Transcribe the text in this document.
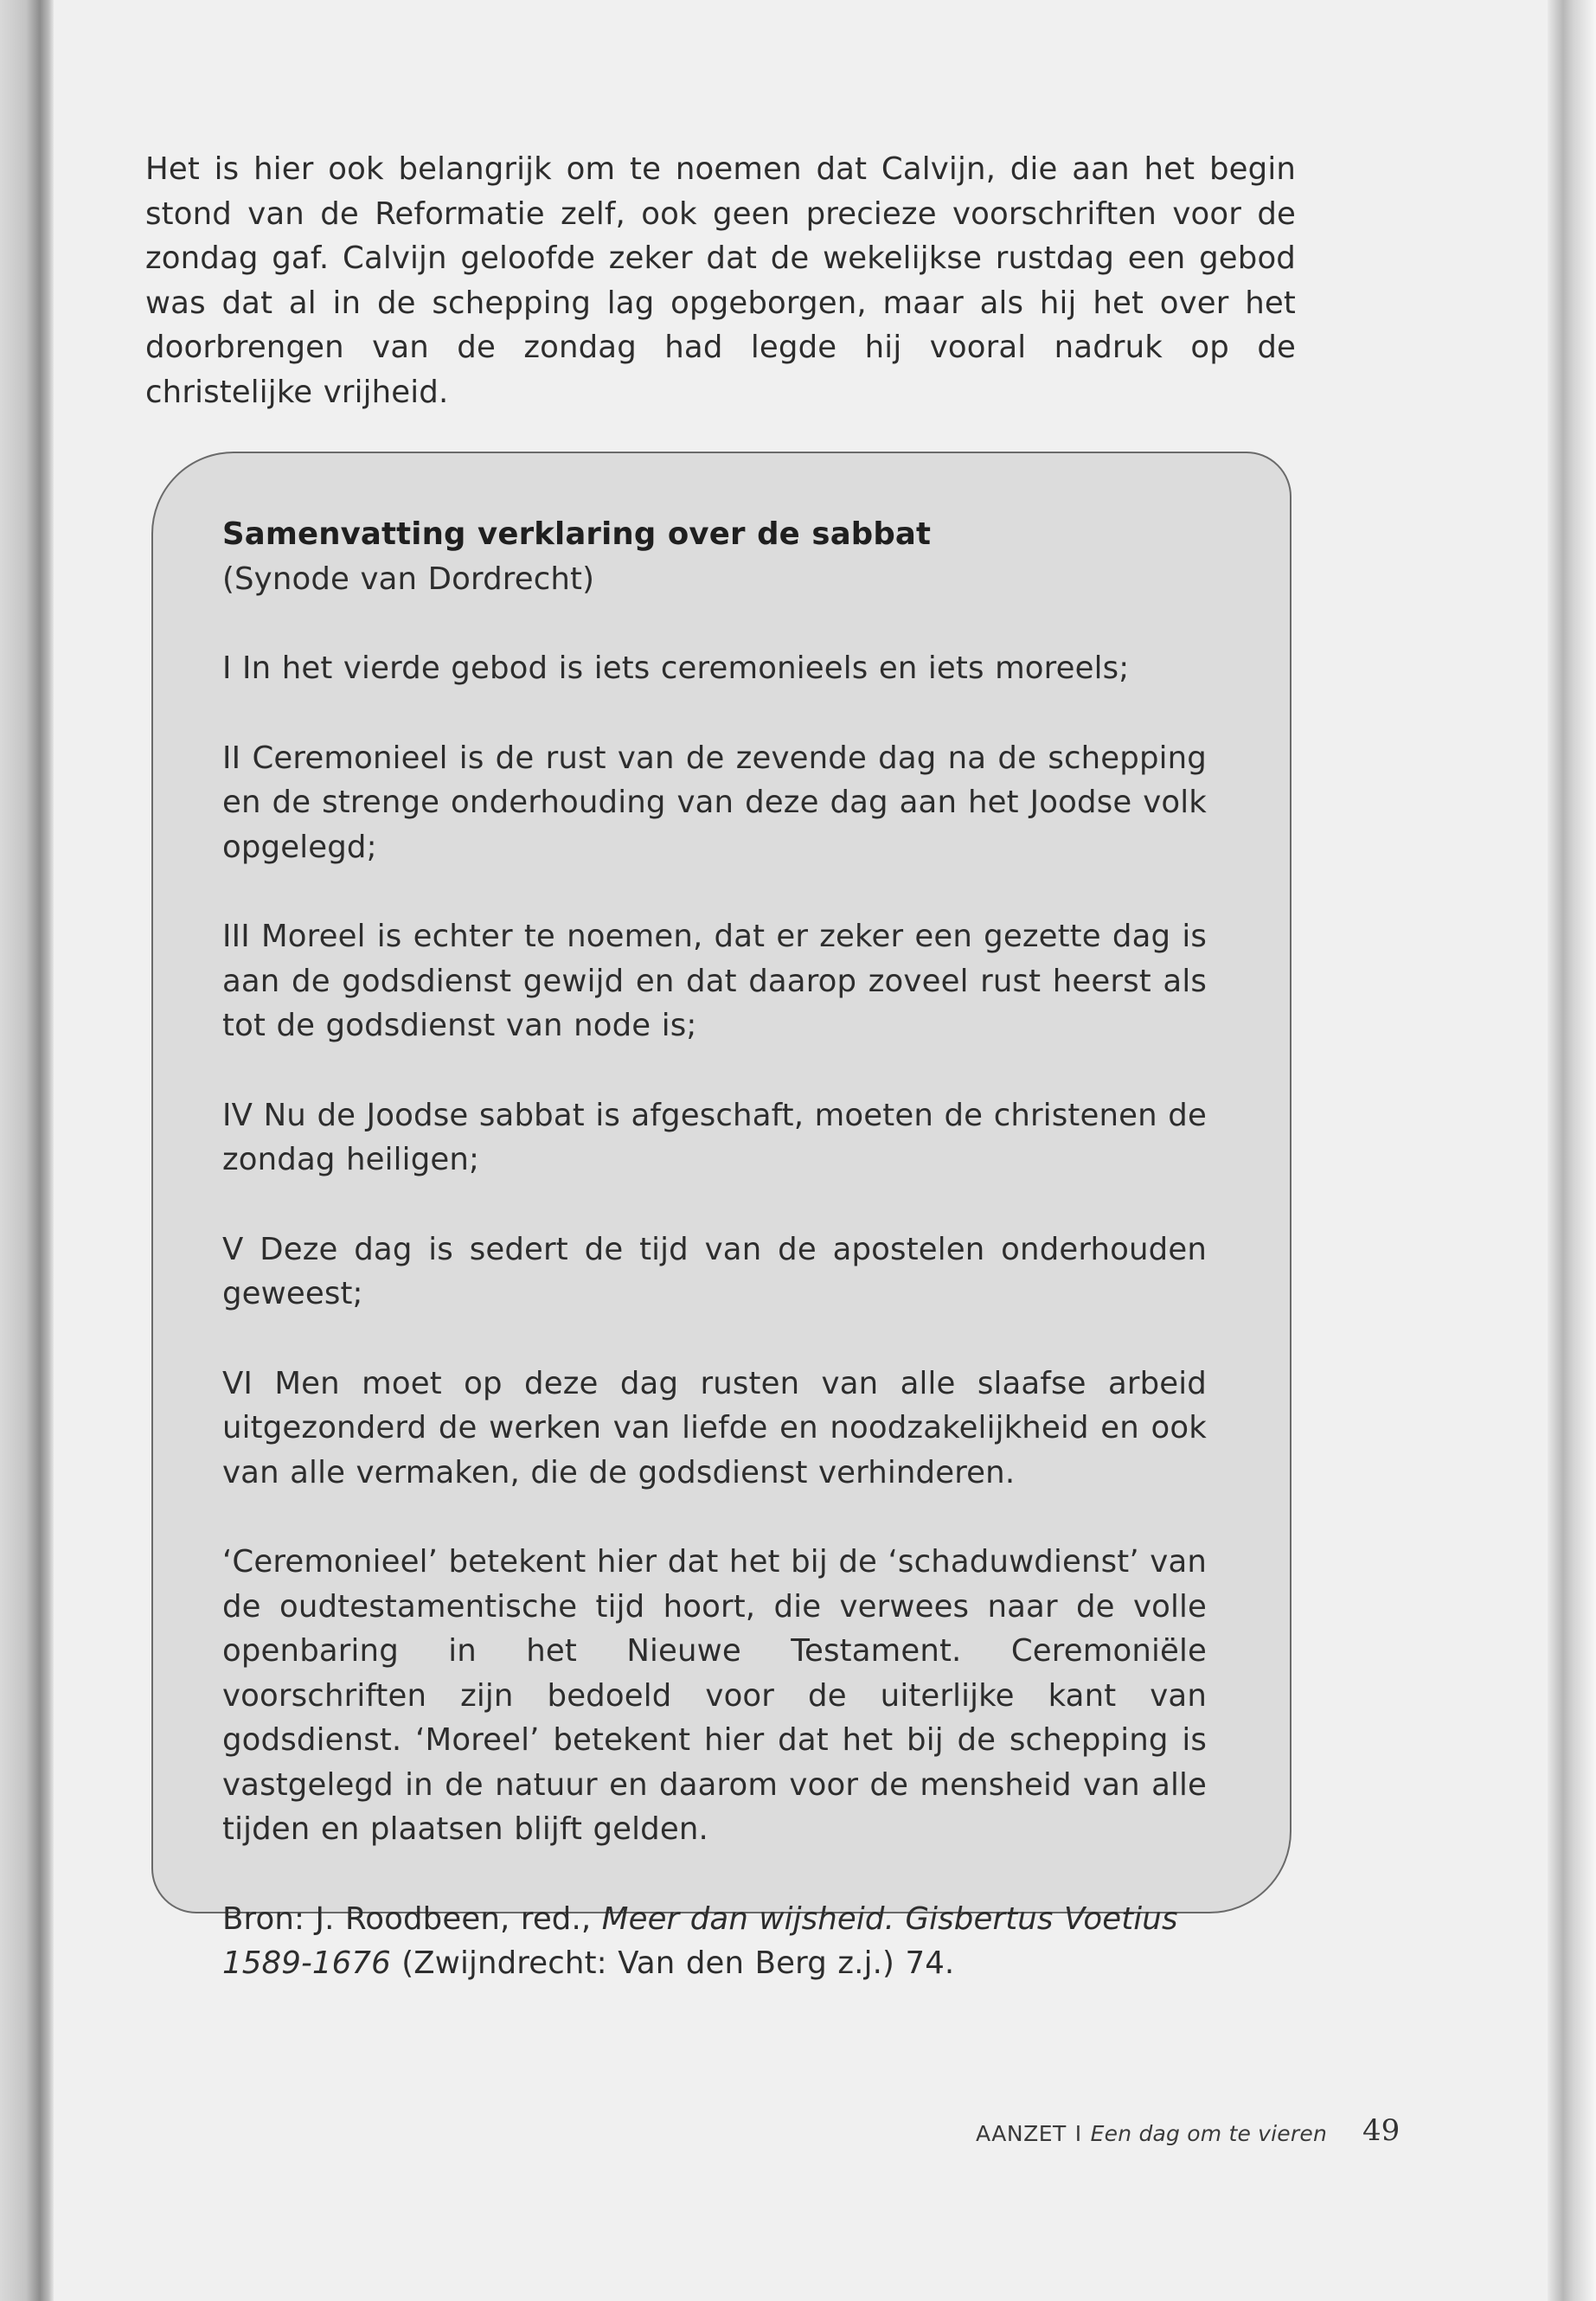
Het is hier ook belangrijk om te noemen dat Calvijn, die aan het begin stond van de Reformatie zelf, ook geen precieze voorschriften voor de zondag gaf. Calvijn geloofde zeker dat de wekelijkse rustdag een gebod was dat al in de schepping lag opgeborgen, maar als hij het over het doorbrengen van de zondag had legde hij vooral nadruk op de christelijke vrijheid.

Samenvatting verklaring over de sabbat
(Synode van Dordrecht)

I In het vierde gebod is iets ceremonieels en iets moreels;

II Ceremonieel is de rust van de zevende dag na de schepping en de strenge onderhouding van deze dag aan het Joodse volk opgelegd;

III Moreel is echter te noemen, dat er zeker een gezette dag is aan de godsdienst gewijd en dat daarop zoveel rust heerst als tot de godsdienst van node is;

IV Nu de Joodse sabbat is afgeschaft, moeten de christenen de zondag heiligen;

V Deze dag is sedert de tijd van de apostelen onderhouden geweest;

VI Men moet op deze dag rusten van alle slaafse arbeid uitgezonderd de werken van liefde en noodzakelijkheid en ook van alle vermaken, die de godsdienst verhinderen.

‘Ceremonieel’ betekent hier dat het bij de ‘schaduwdienst’ van de oudtestamentische tijd hoort, die verwees naar de volle openbaring in het Nieuwe Testament. Ceremoniële voorschriften zijn bedoeld voor de uiterlijke kant van godsdienst. ‘Moreel’ betekent hier dat het bij de schepping is vastgelegd in de natuur en daarom voor de mensheid van alle tijden en plaatsen blijft gelden.

Bron: J. Roodbeen, red., Meer dan wijsheid. Gisbertus Voetius 1589-1676 (Zwijndrecht: Van den Berg z.j.) 74.

AANZET I Een dag om te vieren 49
